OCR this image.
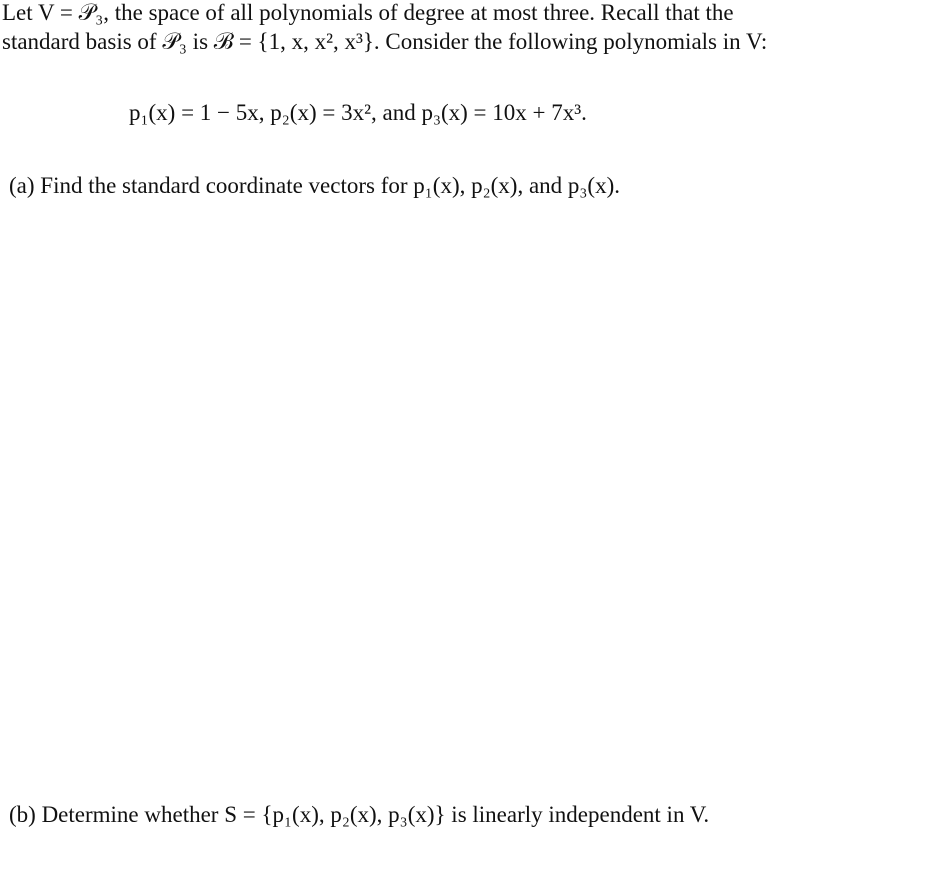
Let V = 𝒫₃, the space of all polynomials of degree at most three. Recall that the
standard basis of 𝒫₃ is ℬ = {1, x, x², x³}. Consider the following polynomials in V:
p₁(x) = 1 − 5x, p₂(x) = 3x², and p₃(x) = 10x + 7x³.
(a) Find the standard coordinate vectors for p₁(x), p₂(x), and p₃(x).
(b) Determine whether S = {p₁(x), p₂(x), p₃(x)} is linearly independent in V.
